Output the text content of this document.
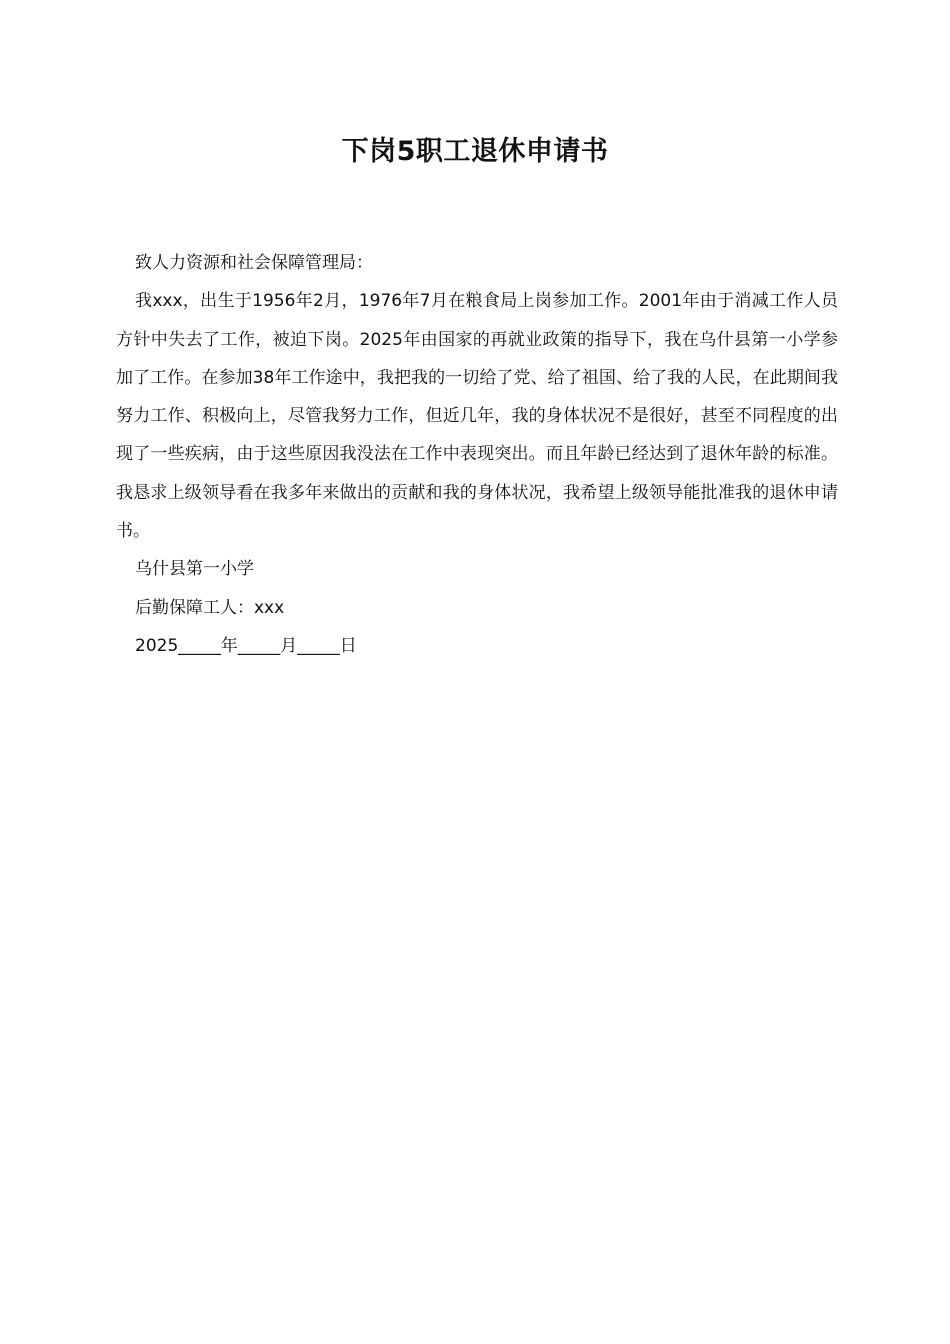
下岗5职工退休申请书

致人力资源和社会保障管理局：

我xxx，出生于1956年2月，1976年7月在粮食局上岗参加工作。2001年由于消减工作人员方针中失去了工作，被迫下岗。2025年由国家的再就业政策的指导下，我在乌什县第一小学参加了工作。在参加38年工作途中，我把我的一切给了党、给了祖国、给了我的人民，在此期间我努力工作、积极向上，尽管我努力工作，但近几年，我的身体状况不是很好，甚至不同程度的出现了一些疾病，由于这些原因我没法在工作中表现突出。而且年龄已经达到了退休年龄的标准。我恳求上级领导看在我多年来做出的贡献和我的身体状况，我希望上级领导能批准我的退休申请书。

乌什县第一小学

后勤保障工人：xxx

2025_____年_____月_____日
